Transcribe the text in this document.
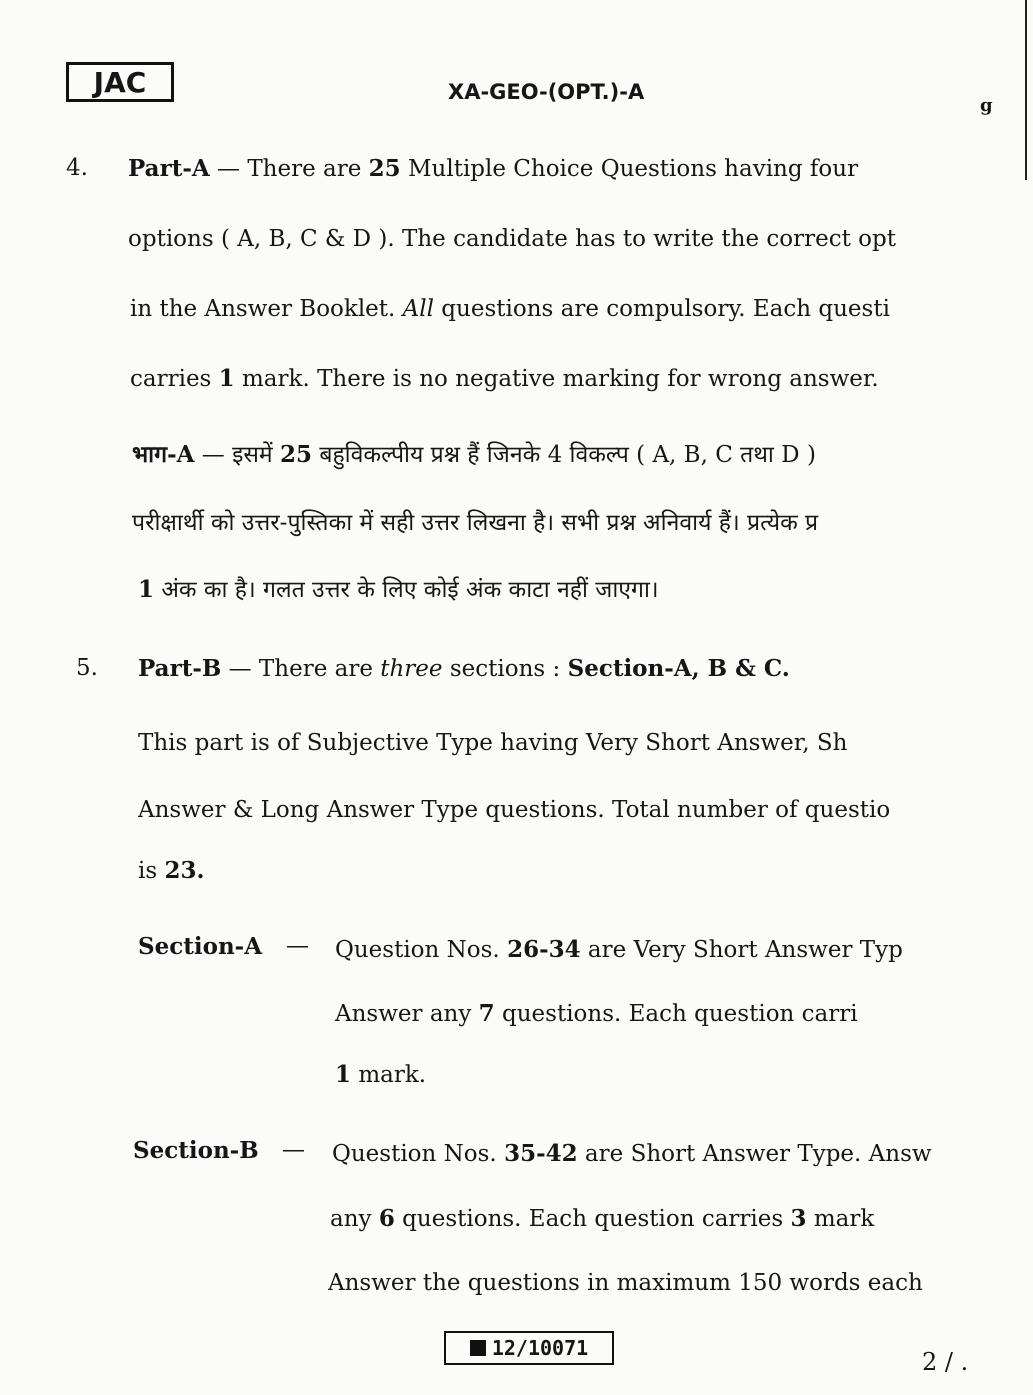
JAC	XA-GEO-(OPT.)-A
g
4. Part-A — There are 25 Multiple Choice Questions having four
options ( A, B, C & D ). The candidate has to write the correct opt
in the Answer Booklet. All questions are compulsory. Each questi
carries 1 mark. There is no negative marking for wrong answer.
भाग-A — इसमें 25 बहुविकल्पीय प्रश्न हैं जिनके 4 विकल्प ( A, B, C तथा D )
परीक्षार्थी को उत्तर-पुस्तिका में सही उत्तर लिखना है। सभी प्रश्न अनिवार्य हैं। प्रत्येक प्र
1 अंक का है। गलत उत्तर के लिए कोई अंक काटा नहीं जाएगा।
5. Part-B — There are three sections : Section-A, B & C.
This part is of Subjective Type having Very Short Answer, Sh
Answer & Long Answer Type questions. Total number of questio
is 23.
Section-A — Question Nos. 26-34 are Very Short Answer Typ
Answer any 7 questions. Each question carri
1 mark.
Section-B — Question Nos. 35-42 are Short Answer Type. Answ
any 6 questions. Each question carries 3 mark
Answer the questions in maximum 150 words each
12/10071	2 / .
